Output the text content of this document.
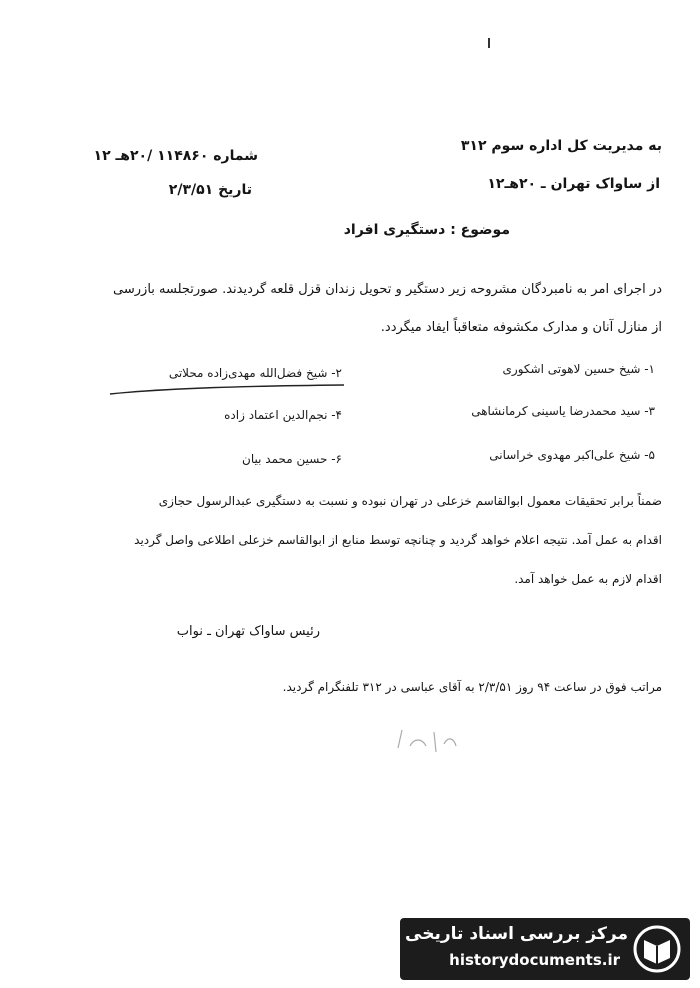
شماره ۱۱۴۸۶۰ /۲۰هـ ۱۲
تاریخ ۲/۳/۵۱
به مدیریت کل اداره سوم ۳۱۲
از ساواک تهران ـ ۲۰هـ۱۲
موضوع : دستگیری افراد
در اجرای امر به نامبردگان مشروحه زیر دستگیر و تحویل زندان قزل قلعه گردیدند. صورتجلسه بازرسی
از منازل آنان و مدارک مکشوفه متعاقباً ایفاد میگردد.
۱- شیخ حسین لاهوتی اشکوری
۲- شیخ فضل‌الله مهدی‌زاده محلاتی
۳- سید محمدرضا یاسینی کرمانشاهی
۴- نجم‌الدین اعتماد زاده
۵- شیخ علی‌اکبر مهدوی خراسانی
۶- حسین محمد بیان
ضمناً برابر تحقیقات معمول ابوالقاسم خزعلی در تهران نبوده و نسبت به دستگیری عبدالرسول حجازی
اقدام به عمل آمد. نتیجه اعلام خواهد گردید و چنانچه توسط منابع از ابوالقاسم خزعلی اطلاعی واصل گردید
اقدام لازم به عمل خواهد آمد.
رئیس ساواک تهران ـ نواب
مراتب فوق در ساعت ۹۴ روز ۲/۳/۵۱ به آقای عباسی در ۳۱۲ تلفنگرام گردید.
مرکز بررسی اسناد تاریخی
historydocuments.ir
